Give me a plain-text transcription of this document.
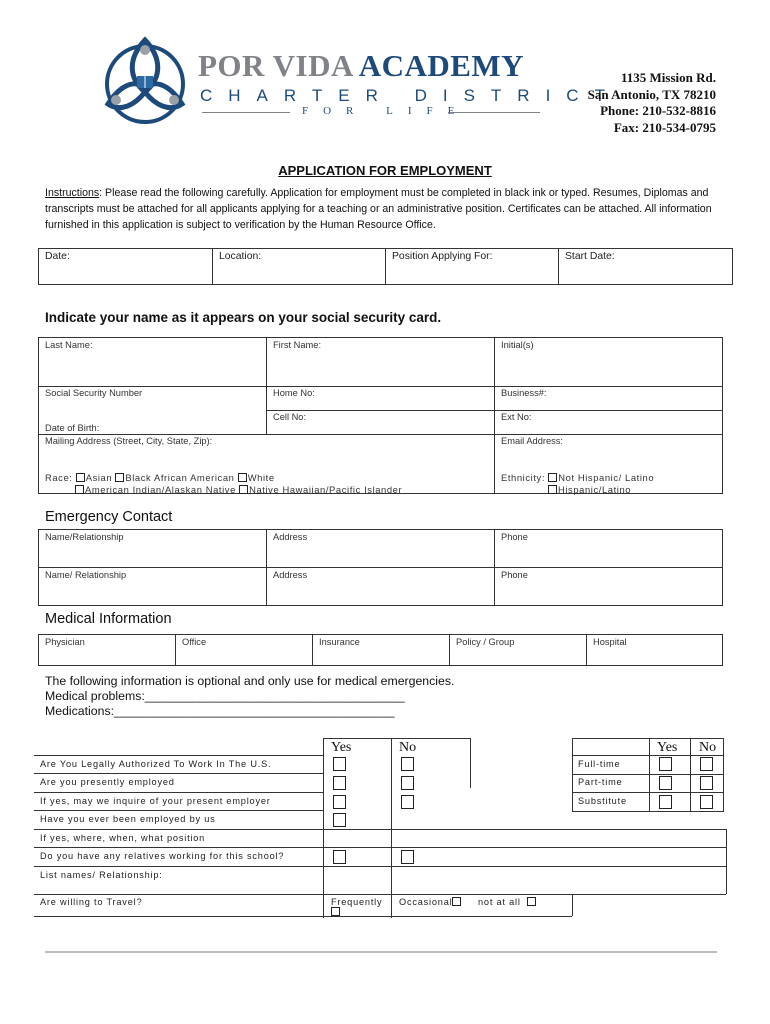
POR VIDA ACADEMY
CHARTER DISTRICT
FOR LIFE
1135 Mission Rd.
San Antonio, TX 78210
Phone: 210-532-8816
Fax: 210-534-0795
APPLICATION FOR EMPLOYMENT
Instructions: Please read the following carefully. Application for employment must be completed in black ink or typed. Resumes, Diplomas and transcripts must be attached for all applicants applying for a teaching or an administrative position. Certificates can be attached. All information furnished in this application is subject to verification by the Human Resource Office.
Date:	Location:	Position Applying For:	Start Date:
Indicate your name as it appears on your social security card.
Last Name:	First Name:	Initial(s)
Social Security Number	Home No:	Business#:
Cell No:	Ext No:
Date of Birth:
Mailing Address (Street, City, State, Zip):	Email Address:
Race: Asian Black African American White
American Indian/Alaskan Native Native Hawaiian/Pacific Islander
Ethnicity: Not Hispanic/ Latino
Hispanic/Latino
Emergency Contact
Name/Relationship	Address	Phone
Name/ Relationship	Address	Phone
Medical Information
Physician	Office	Insurance	Policy / Group	Hospital
The following information is optional and only use for medical emergencies.
Medical problems:______________________________________
Medications:_________________________________________
Yes	No
Are You Legally Authorized To Work In The U.S.
Are you presently employed
If yes, may we inquire of your present employer
Have you ever been employed by us
If yes, where, when, what position
Do you have any relatives working for this school?
List names/ Relationship:
Are willing to Travel?	Frequently Occasional	not at all
Yes No
Full-time
Part-time
Substitute
